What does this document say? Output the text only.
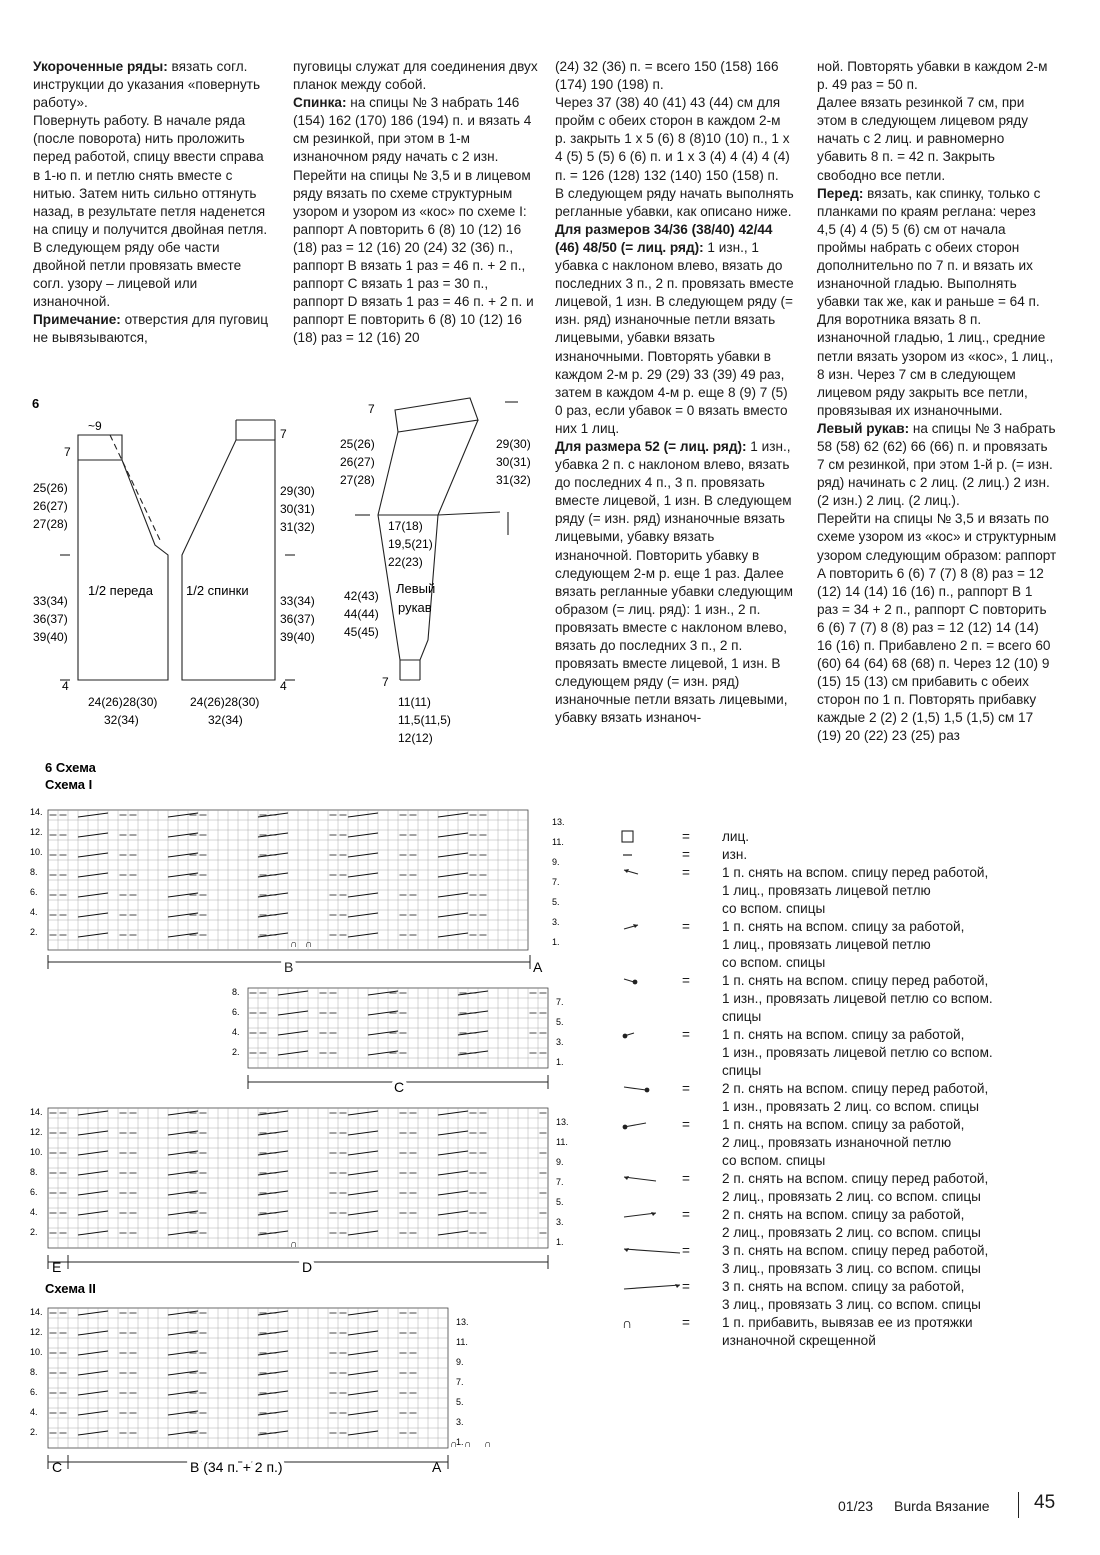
Укороченные ряды: вязать согл. инструкции до указания «повернуть работу».

Повернуть работу. В начале ряда (после поворота) нить проложить перед работой, спицу ввести справа в 1-ю п. и петлю снять вместе с нитью. Затем нить сильно оттянуть назад, в результате петля наденется на спицу и получится двойная петля. В следующем ряду обе части двойной петли провязать вместе согл. узору – лицевой или изнаночной.

Примечание: отверстия для пуговиц не вывязываются,

пуговицы служат для соединения двух планок между собой.

Спинка: на спицы № 3 набрать 146 (154) 162 (170) 186 (194) п. и вязать 4 см резинкой, при этом в 1-м изнаночном ряду начать с 2 изн. Перейти на спицы № 3,5 и в лицевом ряду вязать по схеме структурным узором и узором из «кос» по схеме I: раппорт A повторить 6 (8) 10 (12) 16 (18) раз = 12 (16) 20 (24) 32 (36) п., раппорт B вязать 1 раз = 46 п. + 2 п., раппорт C вязать 1 раз = 30 п., раппорт D вязать 1 раз = 46 п. + 2 п. и раппорт E повторить 6 (8) 10 (12) 16 (18) раз = 12 (16) 20

(24) 32 (36) п. = всего 150 (158) 166 (174) 190 (198) п.

Через 37 (38) 40 (41) 43 (44) см для пройм с обеих сторон в каждом 2-м р. закрыть 1 х 5 (6) 8 (8)10 (10) п., 1 х 4 (5) 5 (5) 6 (6) п. и 1 х 3 (4) 4 (4) 4 (4) п. = 126 (128) 132 (140) 150 (158) п.

В следующем ряду начать выполнять регланные убавки, как описано ниже.

Для размеров 34/36 (38/40) 42/44 (46) 48/50 (= лиц. ряд): 1 изн., 1 убавка с наклоном влево, вязать до последних 3 п., 2 п. провязать вместе лицевой, 1 изн. В следующем ряду (= изн. ряд) изнаночные петли вязать лицевыми, убавки вязать изнаночными. Повторять убавки в каждом 2-м р. 29 (29) 33 (39) 49 раз, затем в каждом 4-м р. еще 8 (9) 7 (5) 0 раз, если убавок = 0 вязать вместо них 1 лиц.

Для размера 52 (= лиц. ряд): 1 изн., убавка 2 п. с наклоном влево, вязать до последних 4 п., 3 п. провязать вместе лицевой, 1 изн. В следующем ряду (= изн. ряд) изнаночные вязать лицевыми, убавку вязать изнаночной. Повторить убавку в следующем 2-м р. еще 1 раз. Далее вязать регланные убавки следующим образом (= лиц. ряд): 1 изн., 2 п. провязать вместе с наклоном влево, вязать до последних 3 п., 2 п. провязать вместе лицевой, 1 изн. В следующем ряду (= изн. ряд) изнаночные петли вязать лицевыми, убавку вязать изнаноч-

ной. Повторять убавки в каждом 2-м р. 49 раз = 50 п.

Далее вязать резинкой 7 см, при этом в следующем лицевом ряду начать с 2 лиц. и равномерно убавить 8 п. = 42 п. Закрыть свободно все петли.

Перед: вязать, как спинку, только с планками по краям реглана: через 4,5 (4) 4 (5) 5 (6) см от начала проймы набрать с обеих сторон дополнительно по 7 п. и вязать их изнаночной гладью. Выполнять убавки так же, как и раньше = 64 п. Для воротника вязать 8 п. изнаночной гладью, 1 лиц., средние петли вязать узором из «кос», 1 лиц., 8 изн. Через 7 см в следующем лицевом ряду закрыть все петли, провязывая их изнаночными.

Левый рукав: на спицы № 3 набрать 58 (58) 62 (62) 66 (66) п. и провязать 7 см резинкой, при этом 1-й р. (= изн. ряд) начинать с 2 лиц. (2 лиц.) 2 изн. (2 изн.) 2 лиц. (2 лиц.).

Перейти на спицы № 3,5 и вязать по схеме узором из «кос» и структурным узором следующим образом: раппорт A повторить 6 (6) 7 (7) 8 (8) раз = 12 (12) 14 (14) 16 (16) п., раппорт B 1 раз = 34 + 2 п., раппорт C повторить 6 (6) 7 (7) 8 (8) раз = 12 (12) 14 (14) 16 (16) п. Прибавлено 2 п. = всего 60 (60) 64 (64) 68 (68) п. Через 12 (10) 9 (15) 15 (13) см прибавить с обеих сторон по 1 п. Повторять прибавку каждые 2 (2) 2 (1,5) 1,5 (1,5) см 17 (19) 20 (22) 23 (25) раз

6
~9
7
7
7
7
4	4
25(26)
26(27)
27(28)
29(30)
30(31)
31(32)
25(26)
26(27)
27(28)
29(30)
30(31)
31(32)
33(34)
36(37)
39(40)
33(34)
36(37)
39(40)
1/2 переда	1/2 спинки
24(26)28(30)
32(34)
24(26)28(30)
32(34)
17(18)
19,5(21)
22(23)
42(43)
44(44)
45(45)
Левый
рукав
11(11)
11,5(11,5)
12(12)
6 Схема
Схема I
Схема II
14.
12.
10.
8.
6.
4.
2.
13.
11.
9.
7.
5.
3.
1.
8.
6.
4.
2.
7.
5.
3.
1.
14.
12.
10.
8.
6.
4.
2.
13.
11.
9.
7.
5.
3.
1.
14.
12.
10.
8.
6.
4.
2.
13.
11.
9.
7.
5.
3.
1.
∩ ∩
∩
∩ ∩ ∩
B	A
C
E	D
C	B (34 п. + 2 п.)	A
=	лиц.
=	изн.
=	1 п. снять на вспом. спицу перед работой,
1 лиц., провязать лицевой петлю
со вспом. спицы
=	1 п. снять на вспом. спицу за работой,
1 лиц., провязать лицевой петлю
со вспом. спицы
=	1 п. снять на вспом. спицу перед работой,
1 изн., провязать лицевой петлю со вспом.
спицы
=	1 п. снять на вспом. спицу за работой,
1 изн., провязать лицевой петлю со вспом.
спицы
=	2 п. снять на вспом. спицу перед работой,
1 изн., провязать 2 лиц. со вспом. спицы
=	1 п. снять на вспом. спицу за работой,
2 лиц., провязать изнаночной петлю
со вспом. спицы
=	2 п. снять на вспом. спицу перед работой,
2 лиц., провязать 2 лиц. со вспом. спицы
=	2 п. снять на вспом. спицу за работой,
2 лиц., провязать 2 лиц. со вспом. спицы
=	3 п. снять на вспом. спицу перед работой,
3 лиц., провязать 3 лиц. со вспом. спицы
=	3 п. снять на вспом. спицу за работой,
3 лиц., провязать 3 лиц. со вспом. спицы
∩	=	1 п. прибавить, вывязав ее из протяжки
изнаночной скрещенной
01/23 Burda Вязание 45
